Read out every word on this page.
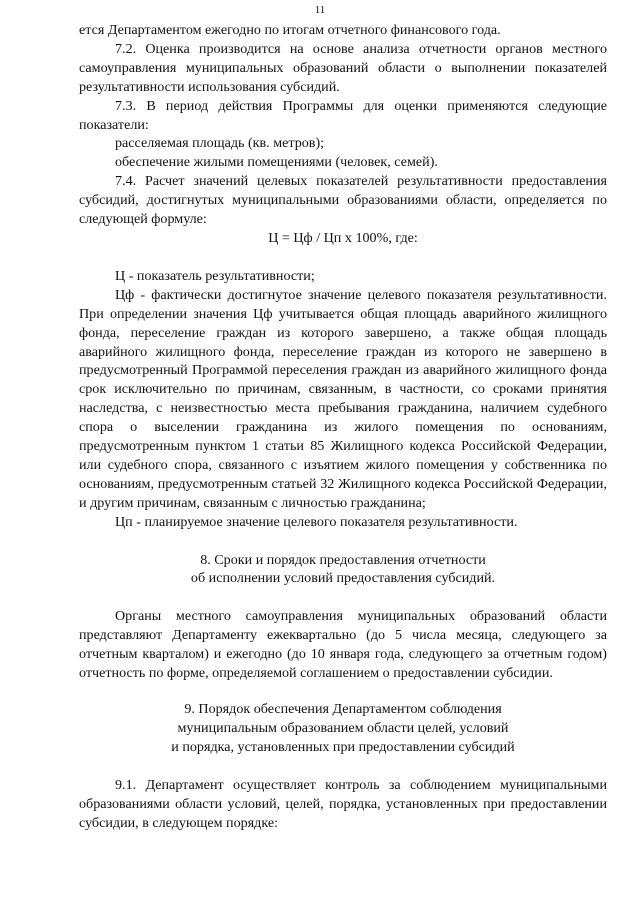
11

ется Департаментом ежегодно по итогам отчетного финансового года.

7.2. Оценка производится на основе анализа отчетности органов местного самоуправления муниципальных образований области о выполнении показателей результативности использования субсидий.

7.3. В период действия Программы для оценки применяются следующие показатели:

расселяемая площадь (кв. метров);

обеспечение жилыми помещениями (человек, семей).

7.4. Расчет значений целевых показателей результативности предоставления субсидий, достигнутых муниципальными образованиями области, определяется по следующей формуле:

Ц = Цф / Цп х 100%, где:

Ц - показатель результативности;

Цф - фактически достигнутое значение целевого показателя результативности. При определении значения Цф учитывается общая площадь аварийного жилищного фонда, переселение граждан из которого завершено, а также общая площадь аварийного жилищного фонда, переселение граждан из которого не завершено в предусмотренный Программой переселения граждан из аварийного жилищного фонда срок исключительно по причинам, связанным, в частности, со сроками принятия наследства, с неизвестностью места пребывания гражданина, наличием судебного спора о выселении гражданина из жилого помещения по основаниям, предусмотренным пунктом 1 статьи 85 Жилищного кодекса Российской Федерации, или судебного спора, связанного с изъятием жилого помещения у собственника по основаниям, предусмотренным статьей 32 Жилищного кодекса Российской Федерации, и другим причинам, связанным с личностью гражданина;

Цп - планируемое значение целевого показателя результативности.

8. Сроки и порядок предоставления отчетности
об исполнении условий предоставления субсидий.

Органы местного самоуправления муниципальных образований области представляют Департаменту ежеквартально (до 5 числа месяца, следующего за отчетным кварталом) и ежегодно (до 10 января года, следующего за отчетным годом) отчетность по форме, определяемой соглашением о предоставлении субсидии.

9. Порядок обеспечения Департаментом соблюдения
муниципальным образованием области целей, условий
и порядка, установленных при предоставлении субсидий

9.1. Департамент осуществляет контроль за соблюдением муниципальными образованиями области условий, целей, порядка, установленных при предоставлении субсидии, в следующем порядке:
